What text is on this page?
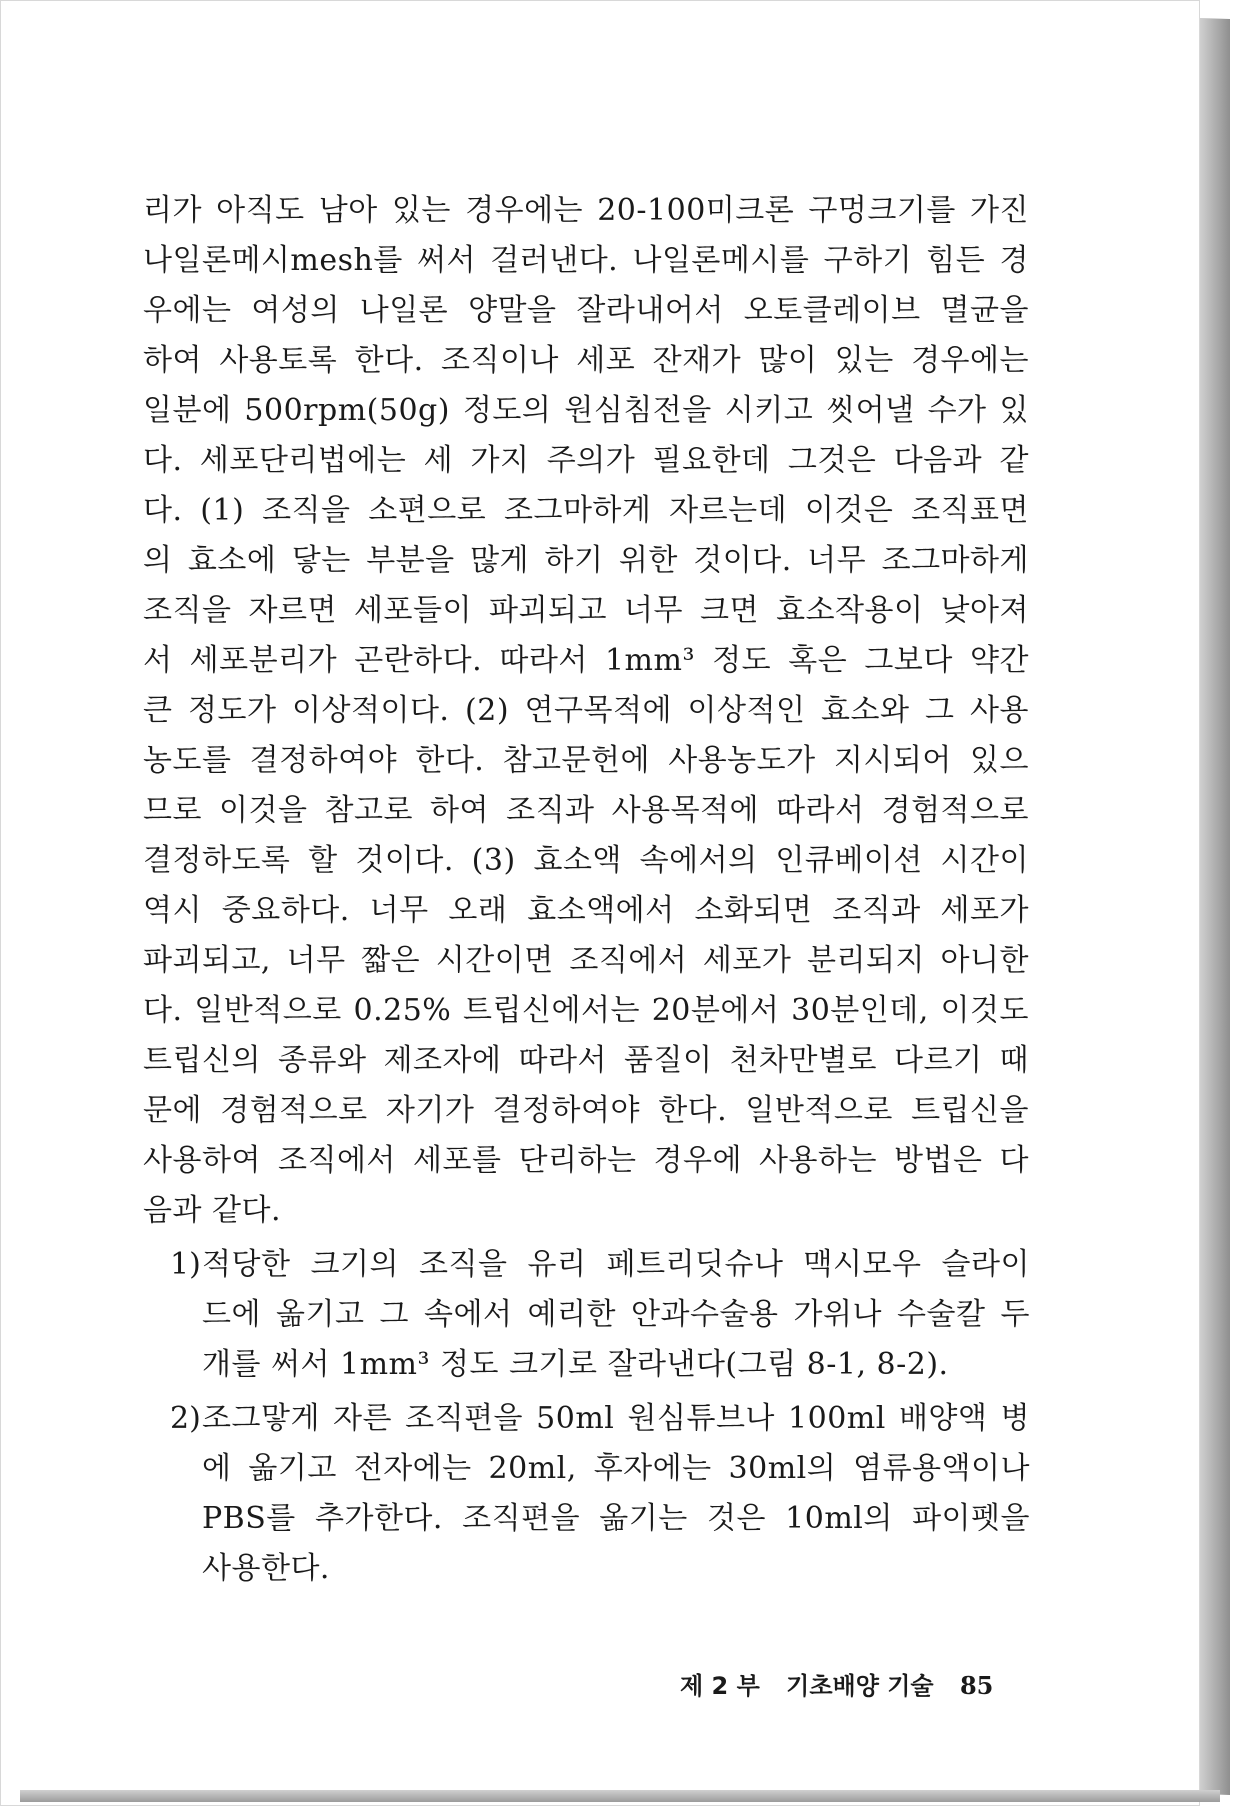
리가 아직도 남아 있는 경우에는 20-100미크론 구멍크기를 가진
나일론메시mesh를 써서 걸러낸다. 나일론메시를 구하기 힘든 경
우에는 여성의 나일론 양말을 잘라내어서 오토클레이브 멸균을
하여 사용토록 한다. 조직이나 세포 잔재가 많이 있는 경우에는
일분에 500rpm(50g) 정도의 원심침전을 시키고 씻어낼 수가 있
다. 세포단리법에는 세 가지 주의가 필요한데 그것은 다음과 같
다. (1) 조직을 소편으로 조그마하게 자르는데 이것은 조직표면
의 효소에 닿는 부분을 많게 하기 위한 것이다. 너무 조그마하게
조직을 자르면 세포들이 파괴되고 너무 크면 효소작용이 낮아져
서 세포분리가 곤란하다. 따라서 1mm³ 정도 혹은 그보다 약간
큰 정도가 이상적이다. (2) 연구목적에 이상적인 효소와 그 사용
농도를 결정하여야 한다. 참고문헌에 사용농도가 지시되어 있으
므로 이것을 참고로 하여 조직과 사용목적에 따라서 경험적으로
결정하도록 할 것이다. (3) 효소액 속에서의 인큐베이션 시간이
역시 중요하다. 너무 오래 효소액에서 소화되면 조직과 세포가
파괴되고, 너무 짧은 시간이면 조직에서 세포가 분리되지 아니한
다. 일반적으로 0.25% 트립신에서는 20분에서 30분인데, 이것도
트립신의 종류와 제조자에 따라서 품질이 천차만별로 다르기 때
문에 경험적으로 자기가 결정하여야 한다. 일반적으로 트립신을
사용하여 조직에서 세포를 단리하는 경우에 사용하는 방법은 다
음과 같다.
1) 적당한 크기의 조직을 유리 페트리딧슈나 맥시모우 슬라이
드에 옮기고 그 속에서 예리한 안과수술용 가위나 수술칼 두
개를 써서 1mm³ 정도 크기로 잘라낸다(그림 8-1, 8-2).
2) 조그맣게 자른 조직편을 50ml 원심튜브나 100ml 배양액 병
에 옮기고 전자에는 20ml, 후자에는 30ml의 염류용액이나
PBS를 추가한다. 조직편을 옮기는 것은 10ml의 파이펫을
사용한다.
제 2 부 기초배양 기술 85
